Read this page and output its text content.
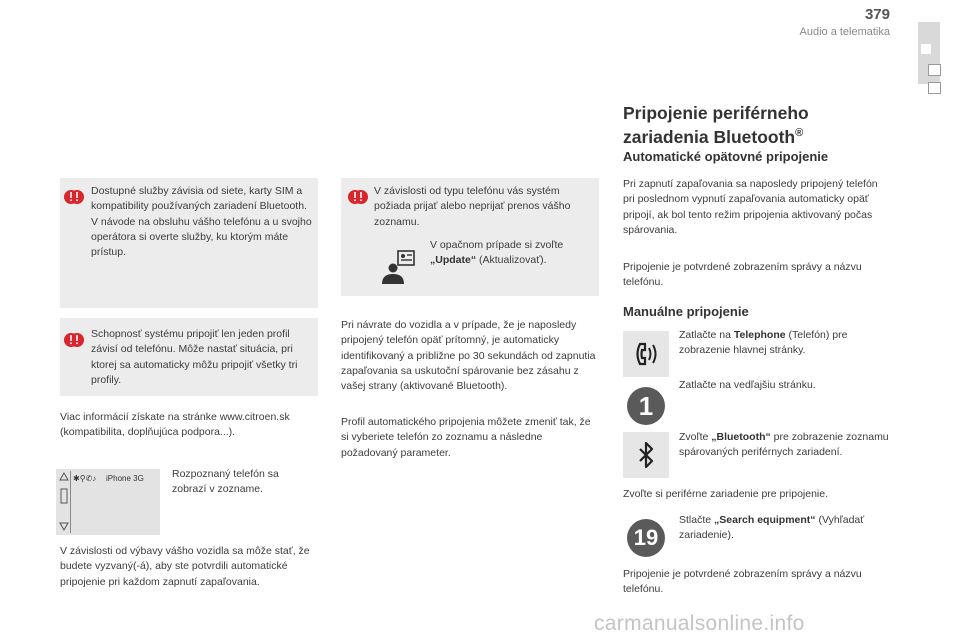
379
Audio a telematika
Dostupné služby závisia od siete, karty SIM a kompatibility používaných zariadení Bluetooth. V návode na obsluhu vášho telefónu a u svojho operátora si overte služby, ku ktorým máte prístup.
Schopnosť systému pripojiť len jeden profil závisí od telefónu. Môže nastať situácia, pri ktorej sa automaticky môžu pripojiť všetky tri profily.
Viac informácií získate na stránke www.citroen.sk (kompatibilita, doplňujúca podpora...).
✱⚲✆♪ iPhone 3G	Rozpoznaný telefón sa zobrazí v zozname.
V závislosti od výbavy vášho vozidla sa môže stať, že budete vyzvaný(-á), aby ste potvrdili automatické pripojenie pri každom zapnutí zapaľovania.
V závislosti od typu telefónu vás systém požiada prijať alebo neprijať prenos vášho zoznamu.
V opačnom prípade si zvoľte
„Update“ (Aktualizovať).
Pri návrate do vozidla a v prípade, že je naposledy pripojený telefón opäť prítomný, je automaticky identifikovaný a približne po 30 sekundách od zapnutia zapaľovania sa uskutoční spárovanie bez zásahu z vašej strany (aktivované Bluetooth).
Profil automatického pripojenia môžete zmeniť tak, že si vyberiete telefón zo zoznamu a následne požadovaný parameter.
Pripojenie periférneho zariadenia Bluetooth®
Automatické opätovné pripojenie
Pri zapnutí zapaľovania sa naposledy pripojený telefón pri poslednom vypnutí zapaľovania automaticky opäť pripojí, ak bol tento režim pripojenia aktivovaný počas spárovania.
Pripojenie je potvrdené zobrazením správy a názvu telefónu.
Manuálne pripojenie
Zatlačte na Telephone (Telefón) pre zobrazenie hlavnej stránky.
1
Zatlačte na vedľajšiu stránku.
Zvoľte „Bluetooth“ pre zobrazenie zoznamu spárovaných periférnych zariadení.
Zvoľte si periférne zariadenie pre pripojenie.
19
Stlačte „Search equipment“ (Vyhľadať zariadenie).
Pripojenie je potvrdené zobrazením správy a názvu telefónu.
carmanualsonline.info
